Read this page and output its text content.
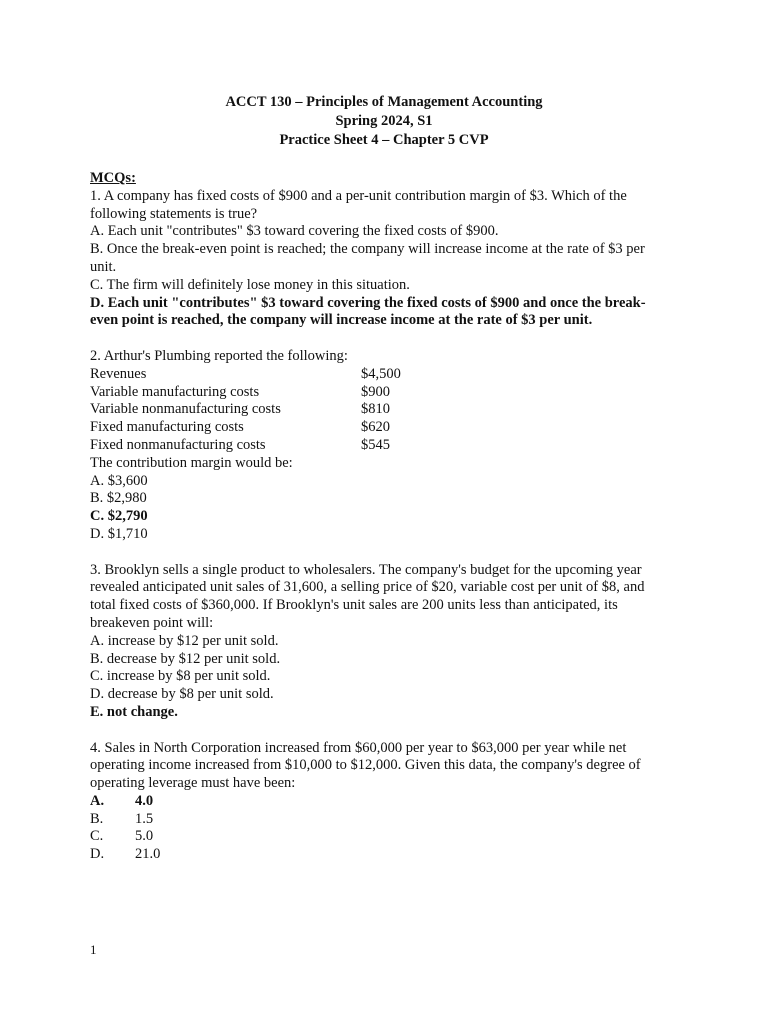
ACCT 130 – Principles of Management Accounting
Spring 2024, S1
Practice Sheet 4 – Chapter 5 CVP
MCQs:
1. A company has fixed costs of $900 and a per-unit contribution margin of $3. Which of the
following statements is true?
A. Each unit "contributes" $3 toward covering the fixed costs of $900.
B. Once the break-even point is reached; the company will increase income at the rate of $3 per
unit.
C. The firm will definitely lose money in this situation.
D. Each unit "contributes" $3 toward covering the fixed costs of $900 and once the break-
even point is reached, the company will increase income at the rate of $3 per unit.
2. Arthur's Plumbing reported the following:
Revenues	$4,500
Variable manufacturing costs	$900
Variable nonmanufacturing costs	$810
Fixed manufacturing costs	$620
Fixed nonmanufacturing costs	$545
The contribution margin would be:
A. $3,600
B. $2,980
C. $2,790
D. $1,710
3. Brooklyn sells a single product to wholesalers. The company's budget for the upcoming year
revealed anticipated unit sales of 31,600, a selling price of $20, variable cost per unit of $8, and
total fixed costs of $360,000. If Brooklyn's unit sales are 200 units less than anticipated, its
breakeven point will:
A. increase by $12 per unit sold.
B. decrease by $12 per unit sold.
C. increase by $8 per unit sold.
D. decrease by $8 per unit sold.
E. not change.
4. Sales in North Corporation increased from $60,000 per year to $63,000 per year while net
operating income increased from $10,000 to $12,000. Given this data, the company's degree of
operating leverage must have been:
A. 4.0
B. 1.5
C. 5.0
D. 21.0
1
